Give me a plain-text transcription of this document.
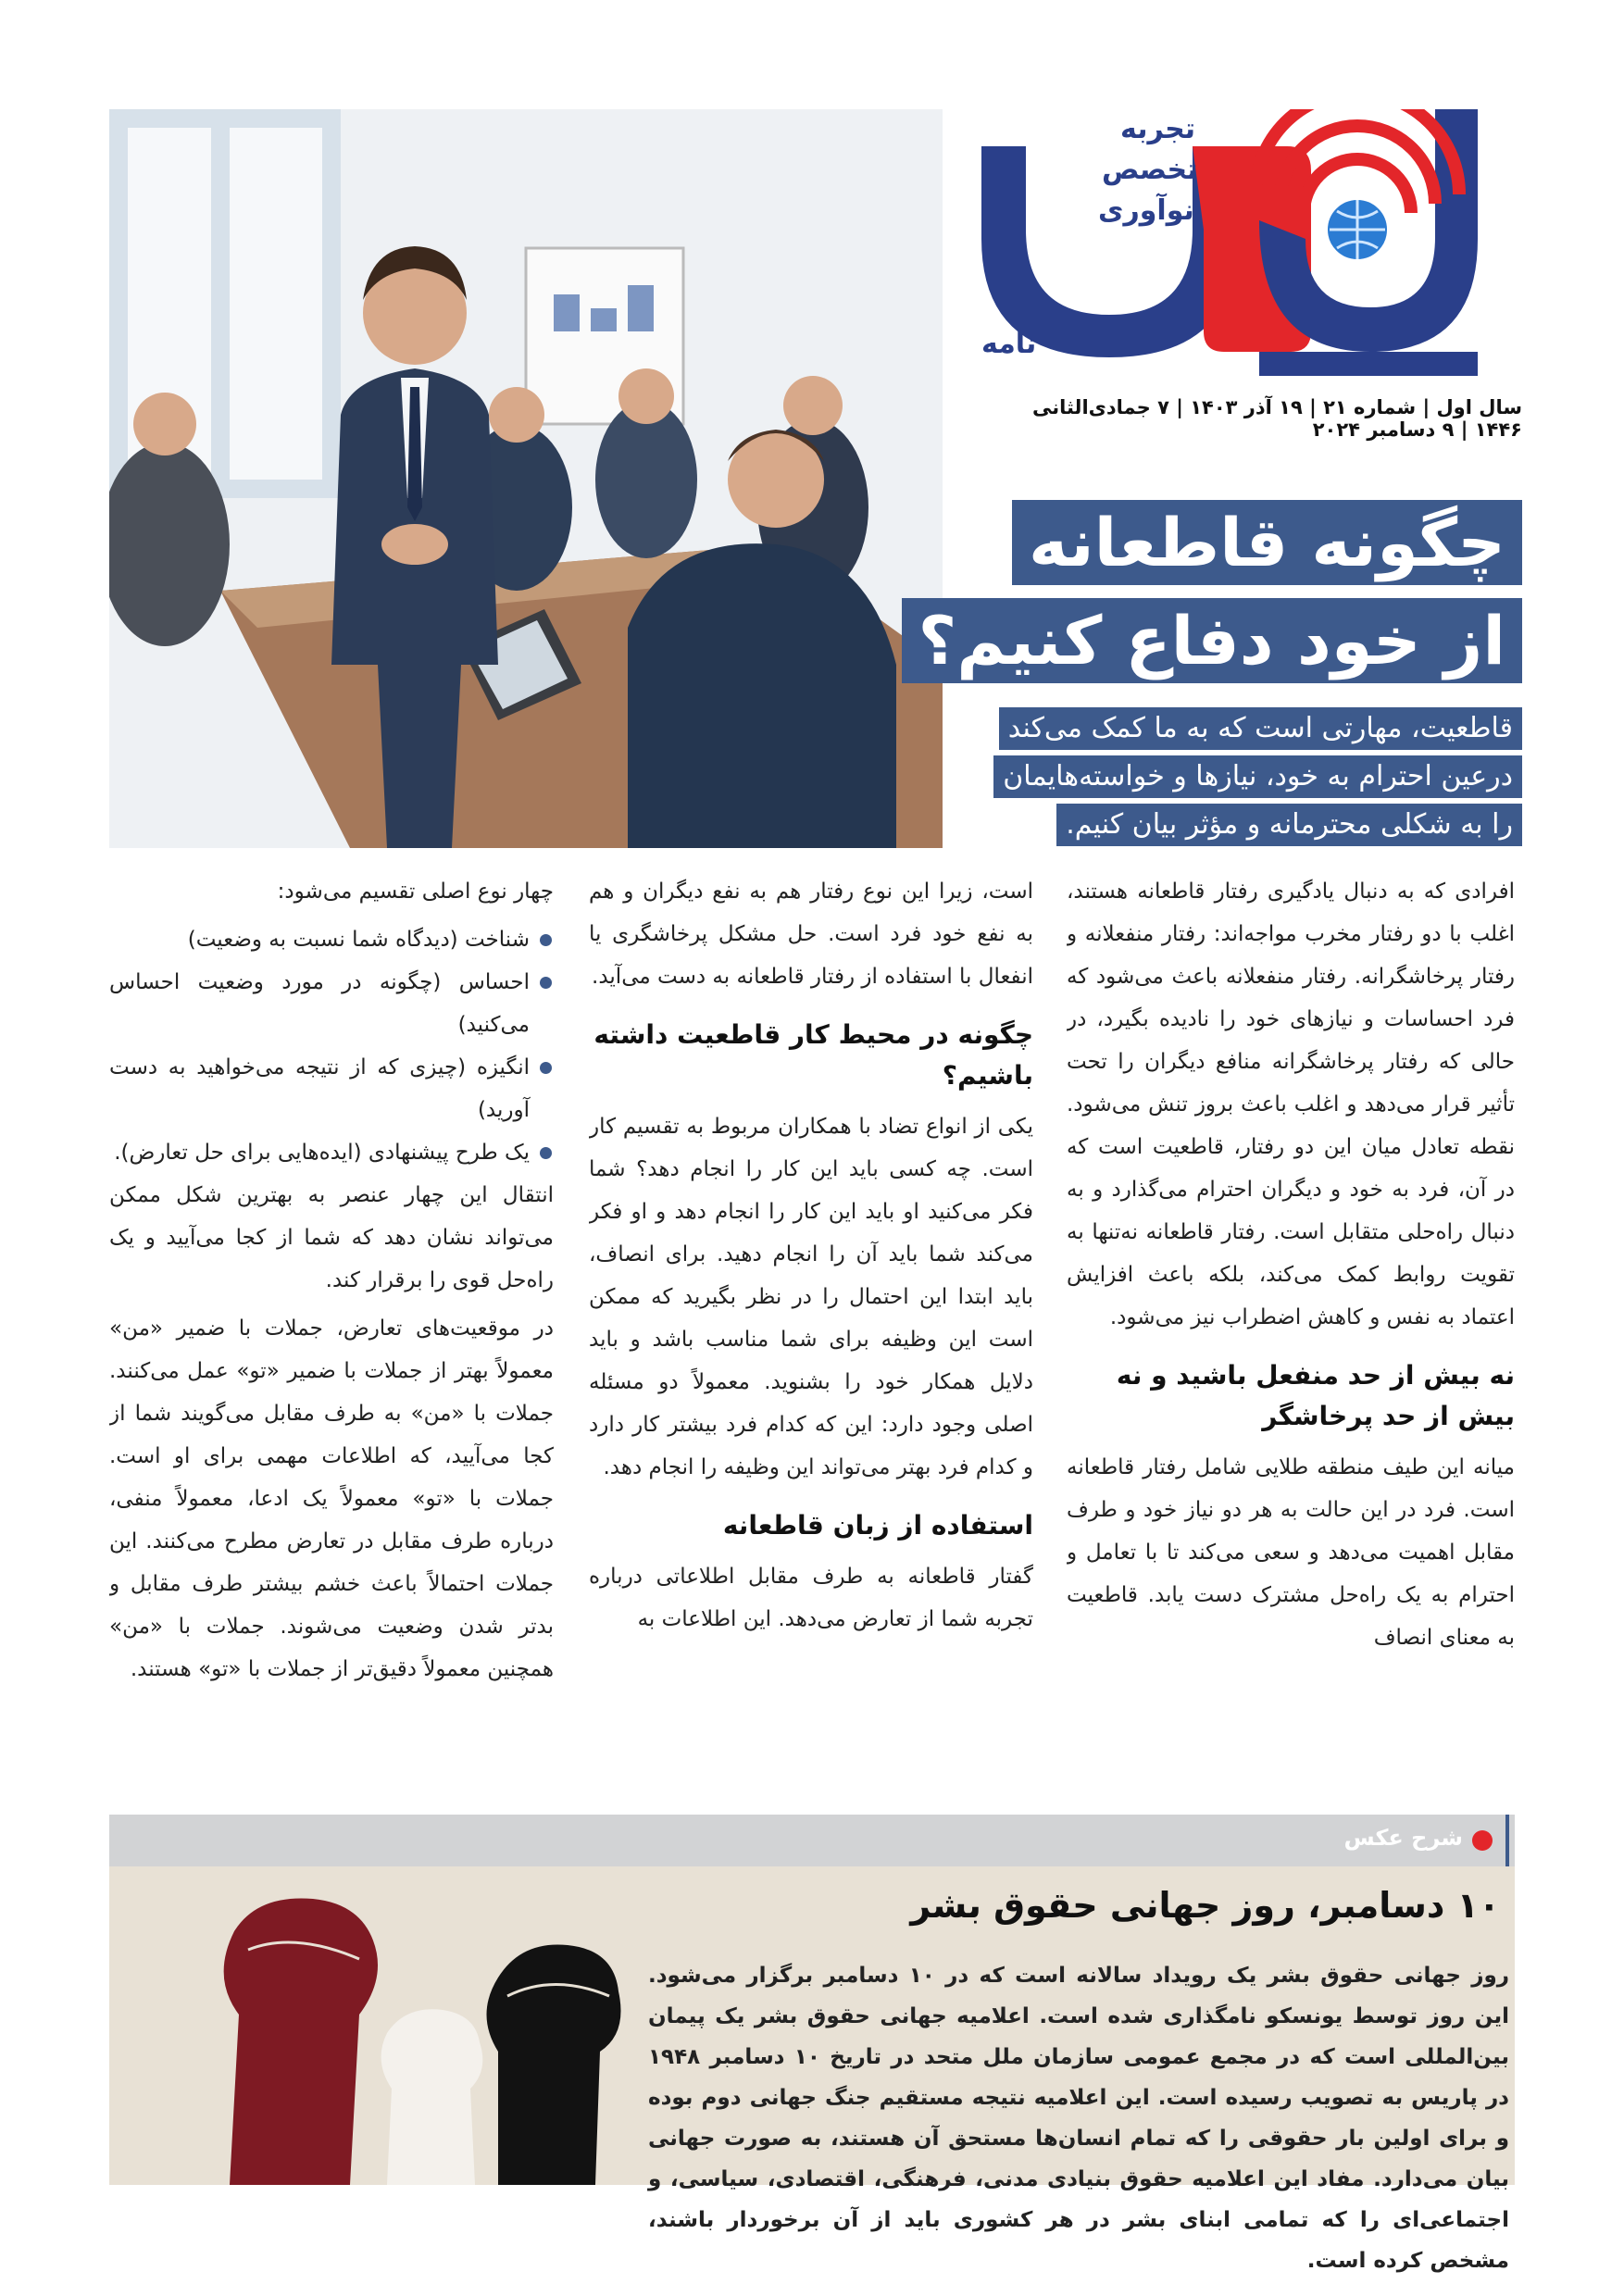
تجربه
تخصص
نوآوری
نامه
سال اول | شماره ۲۱ | ۱۹ آذر ۱۴۰۳ | ۷ جمادی‌الثانی ۱۴۴۶ | ۹ دسامبر ۲۰۲۴
چگونه قاطعانه
از خود دفاع کنیم؟
قاطعیت، مهارتی است که به ما کمک می‌کند
درعین احترام به خود، نیازها و خواسته‌هایمان
را به شکلی محترمانه و مؤثر بیان کنیم.

افرادی که به دنبال یادگیری رفتار قاطعانه هستند، اغلب با دو رفتار مخرب مواجه‌اند: رفتار منفعلانه و رفتار پرخاشگرانه. رفتار منفعلانه باعث می‌شود که فرد احساسات و نیازهای خود را نادیده بگیرد، در حالی که رفتار پرخاشگرانه منافع دیگران را تحت تأثیر قرار می‌دهد و اغلب باعث بروز تنش می‌شود. نقطه تعادل میان این دو رفتار، قاطعیت است که در آن، فرد به خود و دیگران احترام می‌گذارد و به دنبال راه‌حلی متقابل است. رفتار قاطعانه نه‌تنها به تقویت روابط کمک می‌کند، بلکه باعث افزایش اعتماد به نفس و کاهش اضطراب نیز می‌شود.

نه بیش از حد منفعل باشید و نه بیش از حد پرخاشگر

میانه این طیف منطقه طلایی شامل رفتار قاطعانه است. فرد در این حالت به هر دو نیاز خود و طرف مقابل اهمیت می‌دهد و سعی می‌کند تا با تعامل و احترام به یک راه‌حل مشترک دست یابد. قاطعیت به معنای انصاف

است، زیرا این نوع رفتار هم به نفع دیگران و هم به نفع خود فرد است. حل مشکل پرخاشگری یا انفعال با استفاده از رفتار قاطعانه به دست می‌آید.

چگونه در محیط کار قاطعیت داشته باشیم؟

یکی از انواع تضاد با همکاران مربوط به تقسیم کار است. چه کسی باید این کار را انجام دهد؟ شما فکر می‌کنید او باید این کار را انجام دهد و او فکر می‌کند شما باید آن را انجام دهید. برای انصاف، باید ابتدا این احتمال را در نظر بگیرید که ممکن است این وظیفه برای شما مناسب باشد و باید دلایل همکار خود را بشنوید. معمولاً دو مسئله اصلی وجود دارد: این که کدام فرد بیشتر کار دارد و کدام فرد بهتر می‌تواند این وظیفه را انجام دهد.

استفاده از زبان قاطعانه

گفتار قاطعانه به طرف مقابل اطلاعاتی درباره تجربه شما از تعارض می‌دهد. این اطلاعات به

چهار نوع اصلی تقسیم می‌شود:

شناخت (دیدگاه شما نسبت به وضعیت)
احساس (چگونه در مورد وضعیت احساس می‌کنید)
انگیزه (چیزی که از نتیجه می‌خواهید به دست آورید)
یک طرح پیشنهادی (ایده‌هایی برای حل تعارض).

انتقال این چهار عنصر به بهترین شکل ممکن می‌تواند نشان دهد که شما از کجا می‌آیید و یک راه‌حل قوی را برقرار کند.

در موقعیت‌های تعارض، جملات با ضمیر «من» معمولاً بهتر از جملات با ضمیر «تو» عمل می‌کنند. جملات با «من» به طرف مقابل می‌گویند شما از کجا می‌آیید، که اطلاعات مهمی برای او است. جملات با «تو» معمولاً یک ادعا، معمولاً منفی، درباره طرف مقابل در تعارض مطرح می‌کنند. این جملات احتمالاً باعث خشم بیشتر طرف مقابل و بدتر شدن وضعیت می‌شوند. جملات با «من» همچنین معمولاً دقیق‌تر از جملات با «تو» هستند.

شرح عکس
۱۰ دسامبر، روز جهانی حقوق بشر
روز جهانی حقوق بشر یک رویداد سالانه است که در ۱۰ دسامبر برگزار می‌شود. این روز توسط یونسکو نامگذاری شده است. اعلامیه جهانی حقوق بشر یک پیمان بین‌المللی است که در مجمع عمومی سازمان ملل متحد در تاریخ ۱۰ دسامبر ۱۹۴۸ در پاریس به تصویب رسیده است. این اعلامیه نتیجه مستقیم جنگ جهانی دوم بوده و برای اولین بار حقوقی را که تمام انسان‌ها مستحق آن هستند، به صورت جهانی بیان می‌دارد. مفاد این اعلامیه حقوق بنیادی مدنی، فرهنگی، اقتصادی، سیاسی، و اجتماعی‌ای را که تمامی ابنای بشر در هر کشوری باید از آن برخوردار باشند، مشخص کرده است.
